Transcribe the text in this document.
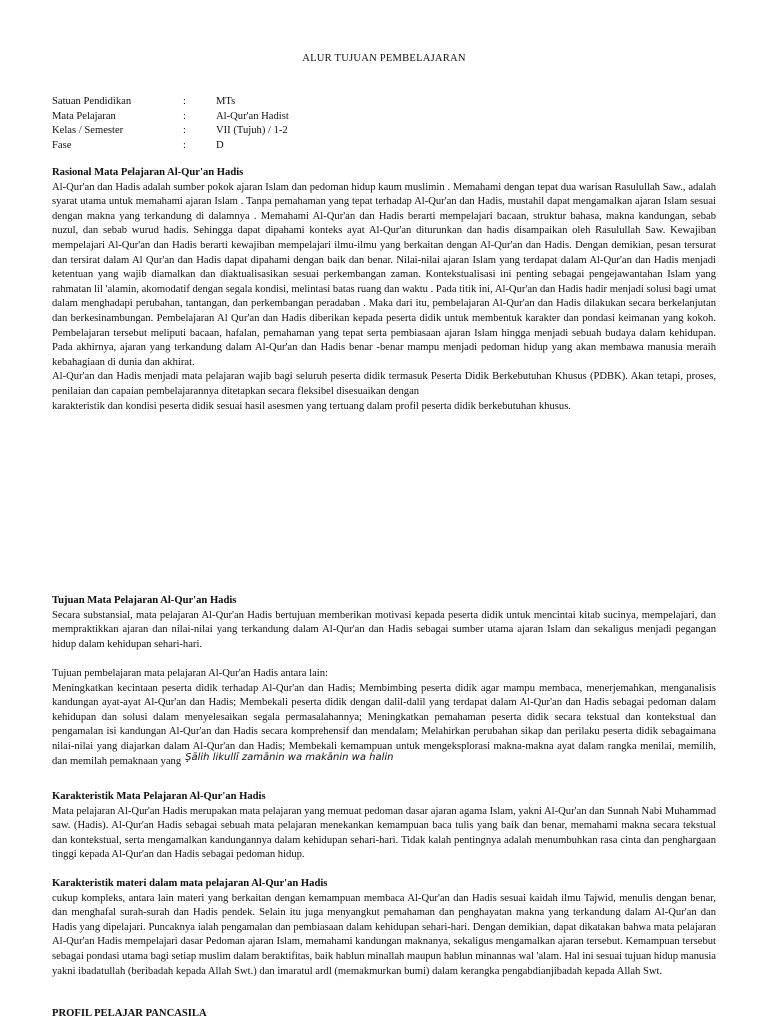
ALUR TUJUAN PEMBELAJARAN
Satuan Pendidikan	:	MTs
Mata Pelajaran	:	Al-Qur'an Hadist
Kelas / Semester	:	VII (Tujuh) / 1-2
Fase	:	D
Rasional Mata Pelajaran Al-Qur'an Hadis

Al-Qur'an dan Hadis adalah sumber pokok ajaran Islam dan pedoman hidup kaum muslimin . Memahami dengan tepat dua warisan Rasulullah Saw., adalah syarat utama untuk memahami ajaran Islam . Tanpa pemahaman yang tepat terhadap Al-Qur'an dan Hadis, mustahil dapat mengamalkan ajaran Islam sesuai dengan makna yang terkandung di dalamnya . Memahami Al-Qur'an dan Hadis berarti mempelajari bacaan, struktur bahasa, makna kandungan, sebab nuzul, dan sebab wurud hadis. Sehingga dapat dipahami konteks ayat Al-Qur'an diturunkan dan hadis disampaikan oleh Rasulullah Saw. Kewajiban mempelajari Al-Qur'an dan Hadis berarti kewajiban mempelajari ilmu-ilmu yang berkaitan dengan Al-Qur'an dan Hadis. Dengan demikian, pesan tersurat dan tersirat dalam Al Qur'an dan Hadis dapat dipahami dengan baik dan benar. Nilai-nilai ajaran Islam yang terdapat dalam Al-Qur'an dan Hadis menjadi ketentuan yang wajib diamalkan dan diaktualisasikan sesuai perkembangan zaman. Kontekstualisasi ini penting sebagai pengejawantahan Islam yang rahmatan lil 'alamin, akomodatif dengan segala kondisi, melintasi batas ruang dan waktu . Pada titik ini, Al-Qur'an dan Hadis hadir menjadi solusi bagi umat dalam menghadapi perubahan, tantangan, dan perkembangan peradaban . Maka dari itu, pembelajaran Al-Qur'an dan Hadis dilakukan secara berkelanjutan dan berkesinambungan. Pembelajaran Al Qur'an dan Hadis diberikan kepada peserta didik untuk membentuk karakter dan pondasi keimanan yang kokoh. Pembelajaran tersebut meliputi bacaan, hafalan, pemahaman yang tepat serta pembiasaan ajaran Islam hingga menjadi sebuah budaya dalam kehidupan. Pada akhirnya, ajaran yang terkandung dalam Al-Qur'an dan Hadis benar -benar mampu menjadi pedoman hidup yang akan membawa manusia meraih kebahagiaan di dunia dan akhirat.

Al-Qur'an dan Hadis menjadi mata pelajaran wajib bagi seluruh peserta didik termasuk Peserta Didik Berkebutuhan Khusus (PDBK). Akan tetapi, proses, penilaian dan capaian pembelajarannya ditetapkan secara fleksibel disesuaikan dengan

karakteristik dan kondisi peserta didik sesuai hasil asesmen yang tertuang dalam profil peserta didik berkebutuhan khusus.

Tujuan Mata Pelajaran Al-Qur'an Hadis

Secara substansial, mata pelajaran Al-Qur'an Hadis bertujuan memberikan motivasi kepada peserta didik untuk mencintai kitab sucinya, mempelajari, dan mempraktikkan ajaran dan nilai-nilai yang terkandung dalam Al-Qur'an dan Hadis sebagai sumber utama ajaran Islam dan sekaligus menjadi pegangan hidup dalam kehidupan sehari-hari.

Tujuan pembelajaran mata pelajaran Al-Qur'an Hadis antara lain:

Meningkatkan kecintaan peserta didik terhadap Al-Qur'an dan Hadis; Membimbing peserta didik agar mampu membaca, menerjemahkan, menganalisis kandungan ayat-ayat Al-Qur'an dan Hadis; Membekali peserta didik dengan dalil-dalil yang terdapat dalam Al-Qur'an dan Hadis sebagai pedoman dalam kehidupan dan solusi dalam menyelesaikan segala permasalahannya; Meningkatkan pemahaman peserta didik secara tekstual dan kontekstual dan pengamalan isi kandungan Al-Qur'an dan Hadis secara komprehensif dan mendalam; Melahirkan perubahan sikap dan perilaku peserta didik sebagaimana nilai-nilai yang diajarkan dalam Al-Qur'an dan Hadis; Membekali kemampuan untuk mengeksplorasi makna-makna ayat dalam rangka menilai, memilih, dan memilah pemaknaan yang Şālih likullī zamānin wa makānin wa halin

Karakteristik Mata Pelajaran Al-Qur'an Hadis

Mata pelajaran Al-Qur'an Hadis merupakan mata pelajaran yang memuat pedoman dasar ajaran agama Islam, yakni Al-Qur'an dan Sunnah Nabi Muhammad saw. (Hadis). Al-Qur'an Hadis sebagai sebuah mata pelajaran menekankan kemampuan baca tulis yang baik dan benar, memahami makna secara tekstual dan kontekstual, serta mengamalkan kandungannya dalam kehidupan sehari-hari. Tidak kalah pentingnya adalah menumbuhkan rasa cinta dan penghargaan tinggi kepada Al-Qur'an dan Hadis sebagai pedoman hidup.

Karakteristik materi dalam mata pelajaran Al-Qur'an Hadis

cukup kompleks, antara lain materi yang berkaitan dengan kemampuan membaca Al-Qur'an dan Hadis sesuai kaidah ilmu Tajwid, menulis dengan benar, dan menghafal surah-surah dan Hadis pendek. Selain itu juga menyangkut pemahaman dan penghayatan makna yang terkandung dalam Al-Qur'an dan Hadis yang dipelajari. Puncaknya ialah pengamalan dan pembiasaan dalam kehidupan sehari-hari. Dengan demikian, dapat dikatakan bahwa mata pelajaran Al-Qur'an Hadis mempelajari dasar Pedoman ajaran Islam, memahami kandungan maknanya, sekaligus mengamalkan ajaran tersebut. Kemampuan tersebut sebagai pondasi utama bagi setiap muslim dalam beraktifitas, baik hablun minallah maupun hablun minannas wal 'alam. Hal ini sesuai tujuan hidup manusia yakni ibadatullah (beribadah kepada Allah Swt.) dan imaratul ardl (memakmurkan bumi) dalam kerangka pengabdianjibadah kepada Allah Swt.

PROFIL PELAJAR PANCASILA
